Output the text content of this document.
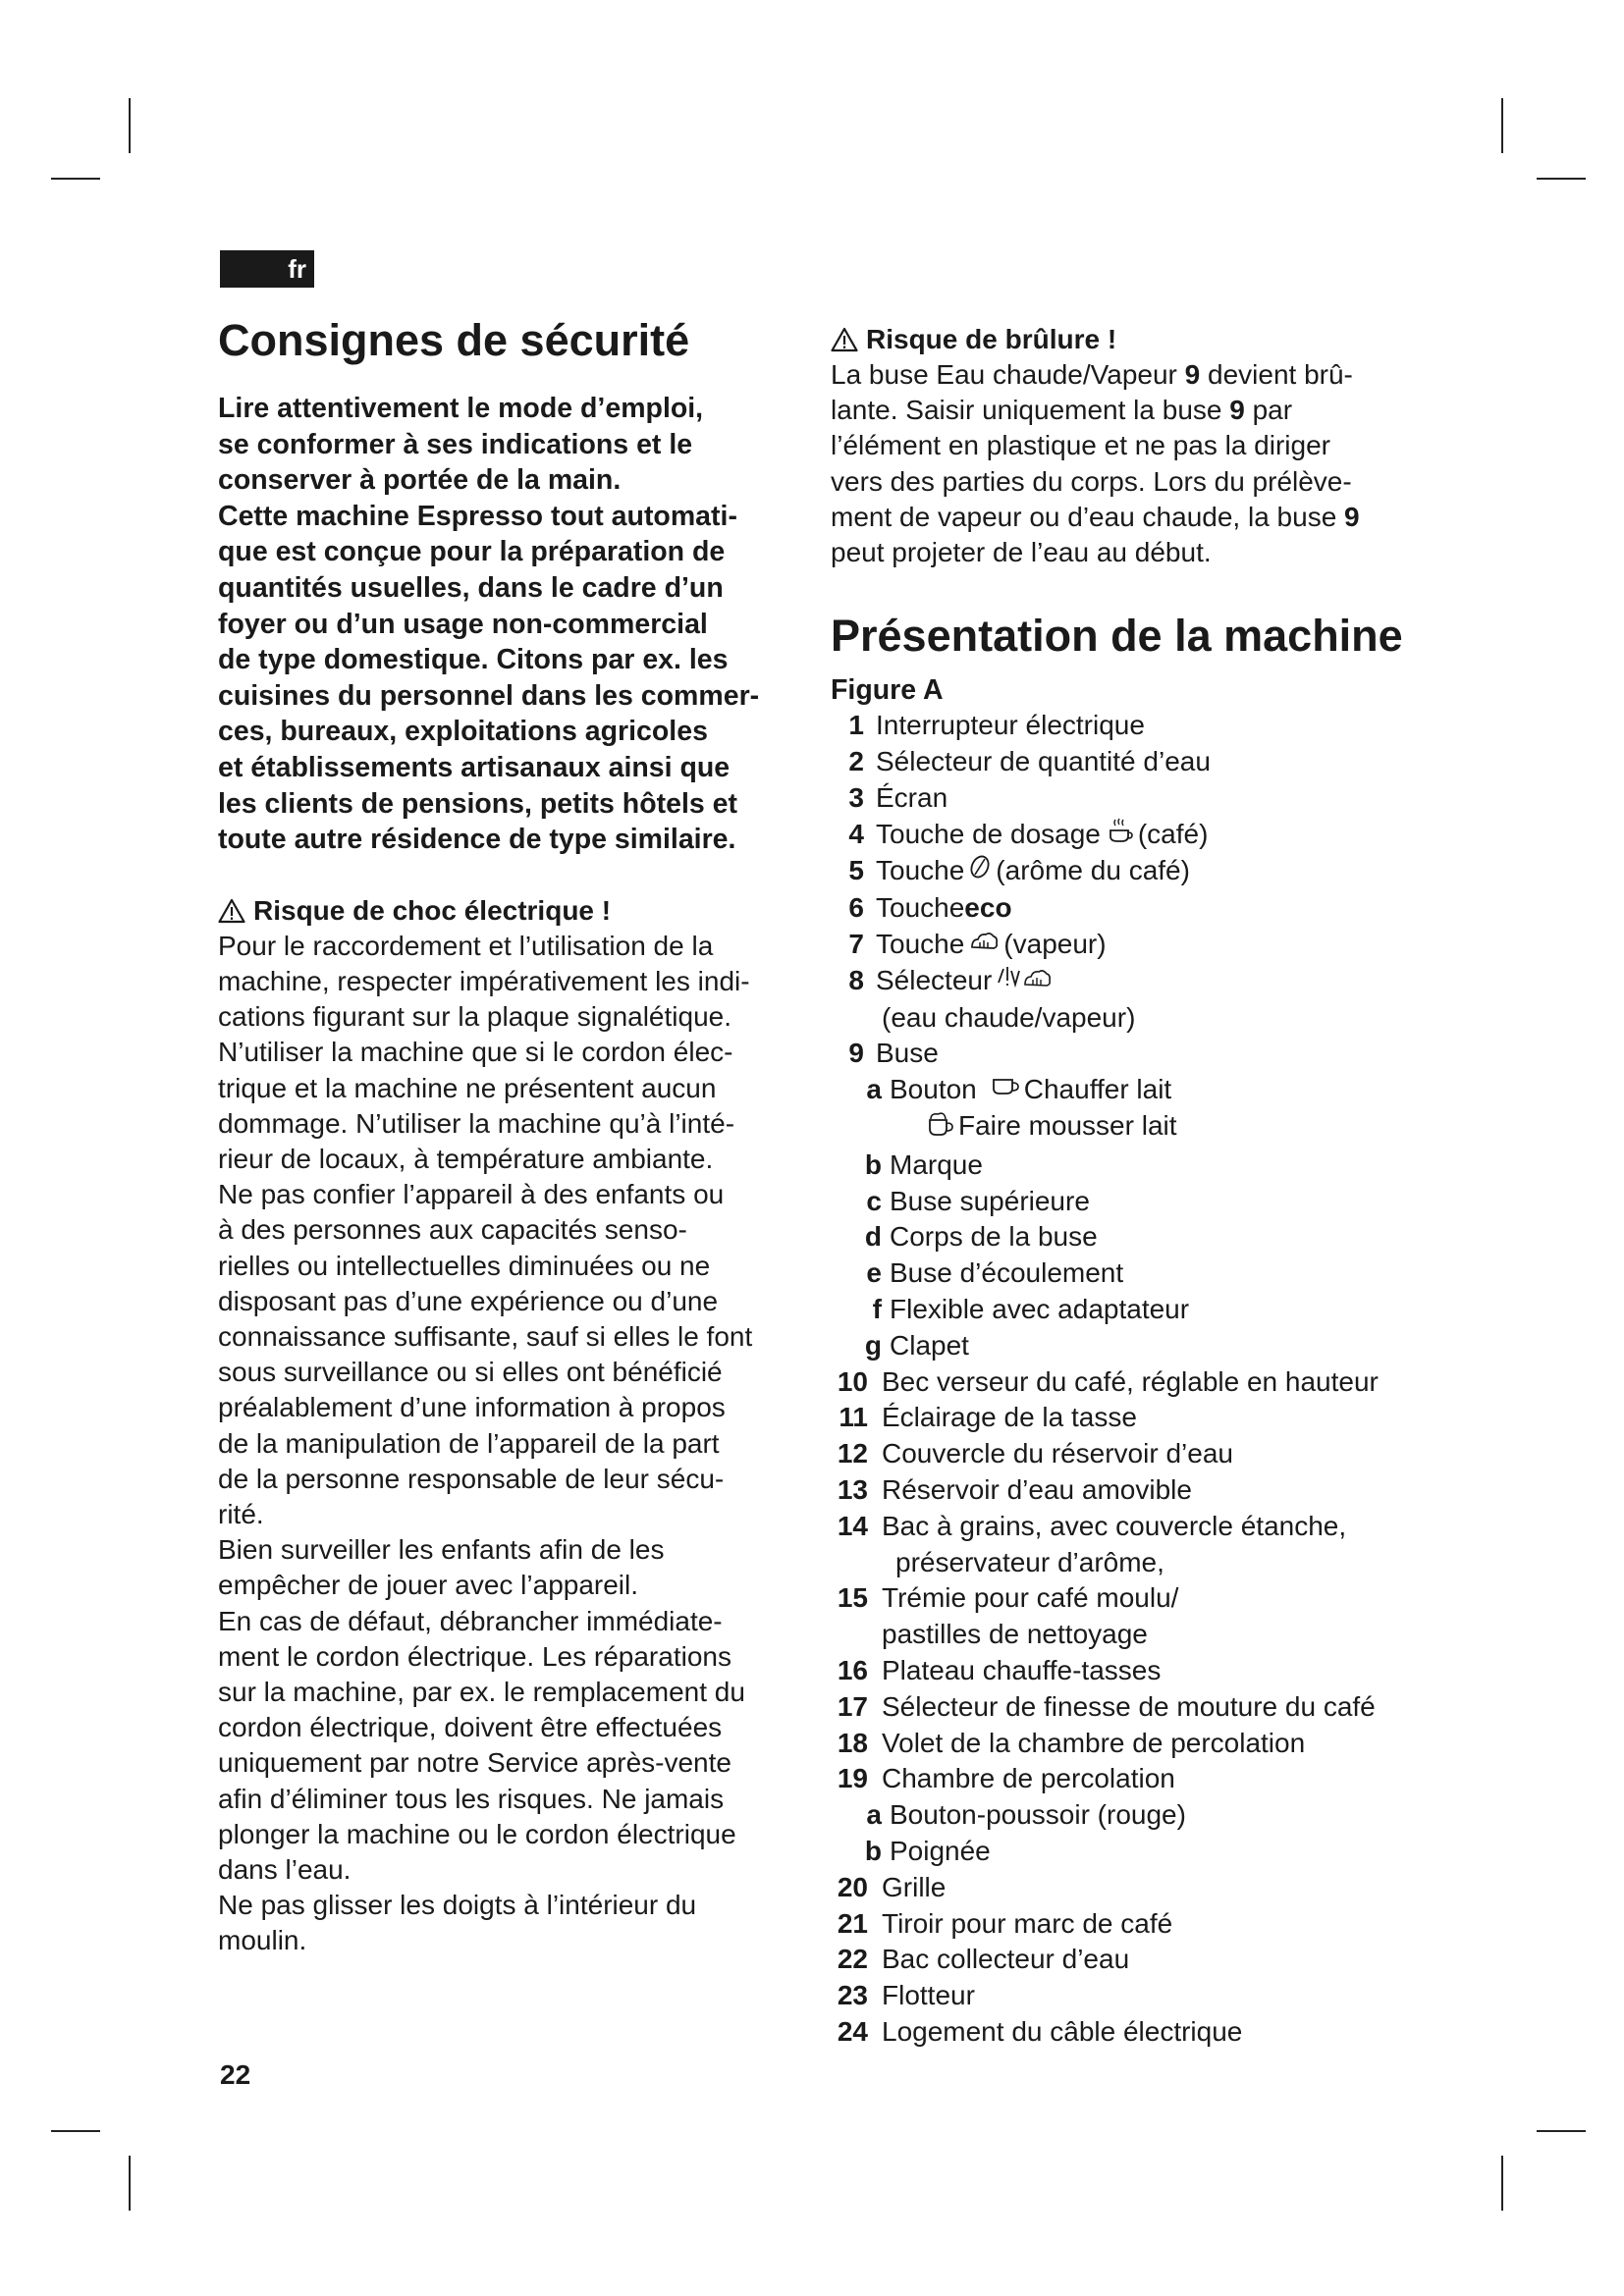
fr
Consignes de sécurité

Lire attentivement le mode d’emploi,

se conformer à ses indications et le

conserver à portée de la main.

Cette machine Espresso tout automati-

que est conçue pour la préparation de

quantités usuelles, dans le cadre d’un

foyer ou d’un usage non-commercial

de type domestique. Citons par ex. les

cuisines du personnel dans les commer-

ces, bureaux, exploitations agricoles

et établissements artisanaux ainsi que

les clients de pensions, petits hôtels et

toute autre résidence de type similaire.

Risque de choc électrique !

Pour le raccordement et l’utilisation de la

machine, respecter impérativement les indi-

cations figurant sur la plaque signalétique.

N’utiliser la machine que si le cordon élec-

trique et la machine ne présentent aucun

dommage. N’utiliser la machine qu’à l’inté-

rieur de locaux, à température ambiante.

Ne pas confier l’appareil à des enfants ou

à des personnes aux capacités senso-

rielles ou intellectuelles diminuées ou ne

disposant pas d’une expérience ou d’une

connaissance suffisante, sauf si elles le font

sous surveillance ou si elles ont bénéficié

préalablement d’une information à propos

de la manipulation de l’appareil de la part

de la personne responsable de leur sécu-

rité.

Bien surveiller les enfants afin de les

empêcher de jouer avec l’appareil.

En cas de défaut, débrancher immédiate-

ment le cordon électrique. Les réparations

sur la machine, par ex. le remplacement du

cordon électrique, doivent être effectuées

uniquement par notre Service après-vente

afin d’éliminer tous les risques. Ne jamais

plonger la machine ou le cordon électrique

dans l’eau.

Ne pas glisser les doigts à l’intérieur du

moulin.

Risque de brûlure !

La buse Eau chaude/Vapeur 9 devient brû-

lante. Saisir uniquement la buse 9 par

l’élément en plastique et ne pas la diriger

vers des parties du corps. Lors du prélève-

ment de vapeur ou d’eau chaude, la buse 9

peut projeter de l’eau au début.

Présentation de la machine

Figure A

1 Interrupteur électrique
2 Sélecteur de quantité d’eau
3 Écran
4 Touche de dosage (café)
5 Touche (arôme du café)
6 Touche eco
7 Touche (vapeur)
8 Sélecteur
(eau chaude/vapeur)
9 Buse
a Bouton Chauffer lait
Faire mousser lait
b Marque
c Buse supérieure
d Corps de la buse
e Buse d’écoulement
f Flexible avec adaptateur
g Clapet
10 Bec verseur du café, réglable en hauteur
11 Éclairage de la tasse
12 Couvercle du réservoir d’eau
13 Réservoir d’eau amovible
14 Bac à grains, avec couvercle étanche,
préservateur d’arôme,
15 Trémie pour café moulu/
pastilles de nettoyage
16 Plateau chauffe-tasses
17 Sélecteur de finesse de mouture du café
18 Volet de la chambre de percolation
19 Chambre de percolation
a Bouton-poussoir (rouge)
b Poignée
20 Grille
21 Tiroir pour marc de café
22 Bac collecteur d’eau
23 Flotteur
24 Logement du câble électrique
22
